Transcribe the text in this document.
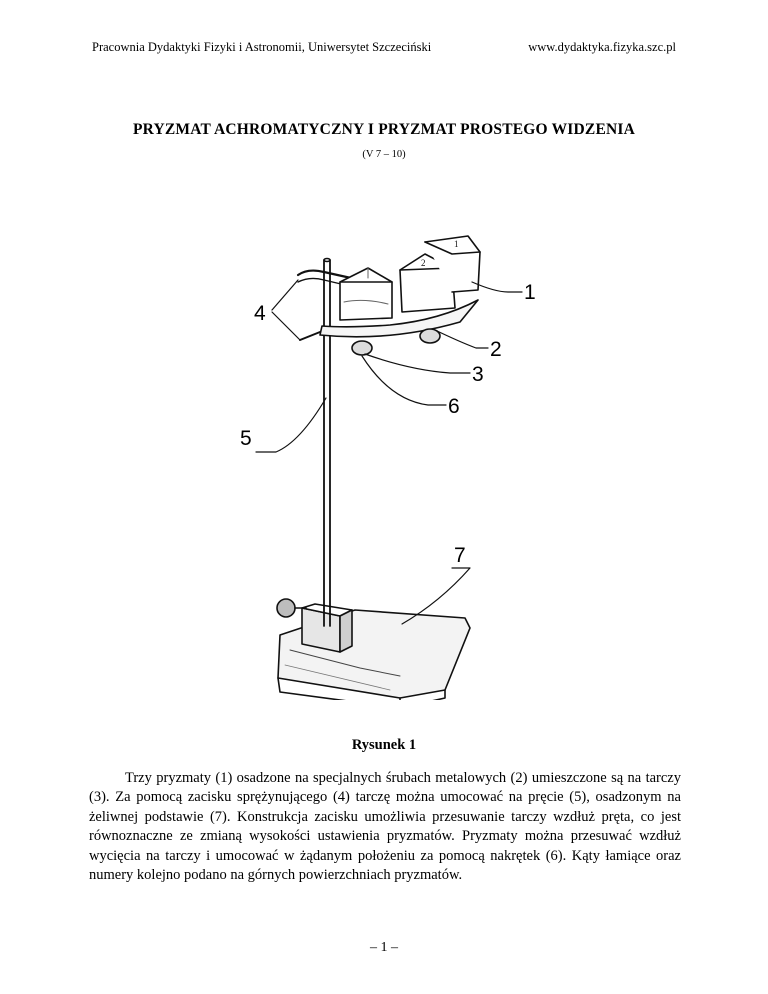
Pracownia Dydaktyki Fizyki i Astronomii, Uniwersytet Szczeciński	www.dydaktyka.fizyka.szc.pl
PRYZMAT ACHROMATYCZNY I PRYZMAT PROSTEGO WIDZENIA
(V 7 – 10)
2
1
1
2
3
4
5
6
7
Rysunek 1

Trzy pryzmaty (1) osadzone na specjalnych śrubach metalowych (2) umieszczone są na tarczy (3). Za pomocą zacisku sprężynującego (4) tarczę można umocować na pręcie (5), osadzonym na żeliwnej podstawie (7). Konstrukcja zacisku umożliwia przesuwanie tarczy wzdłuż pręta, co jest równoznaczne ze zmianą wysokości ustawienia pryzmatów. Pryzmaty można przesuwać wzdłuż wycięcia na tarczy i umocować w żądanym położeniu za pomocą nakrętek (6). Kąty łamiące oraz numery kolejno podano na górnych powierzchniach pryzmatów.

– 1 –
